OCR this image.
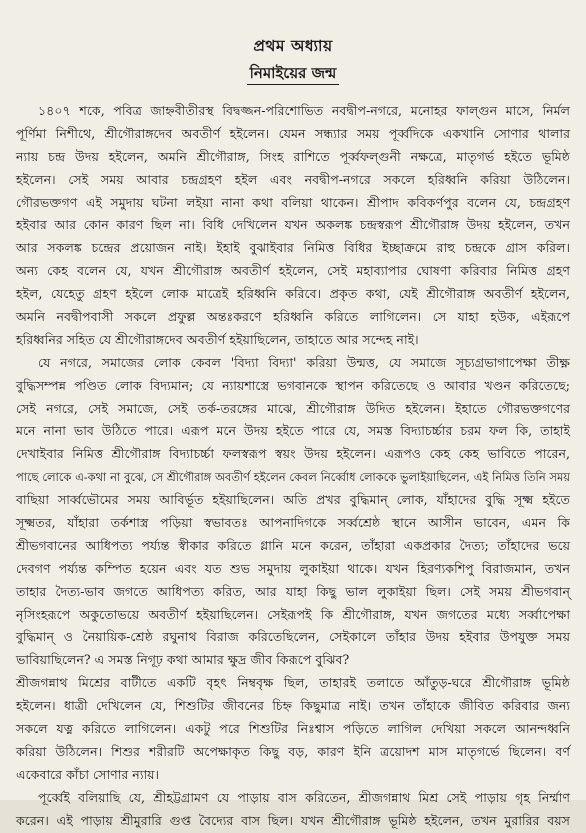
প্রথম অধ্যায়
নিমাইয়ের জন্ম
১৪০৭ শকে, পবিত্র জাহ্নবীতীরস্থ বিদ্বজ্জন-পরিশোভিত নবদ্বীপ-নগরে, মনোহর ফাল্গুন মাসে, নির্মল
পূর্ণিমা নিশীথে, শ্রীগৌরাঙ্গদেব অবতীর্ণ হইলেন। যেমন সন্ধ্যার সময় পূর্ব্বদিকে একখানি সোণার থালার
ন্যায় চন্দ্র উদয় হইলেন, অমনি শ্রীগৌরাঙ্গ, সিংহ রাশিতে পূর্ব্বফল্গুনী নক্ষত্রে, মাতৃগর্ভ হইতে ভূমিষ্ঠ
হইলেন। সেই সময় আবার চন্দ্রগ্রহণ হইল এবং নবদ্বীপ-নগরে সকলে হরিধ্বনি করিয়া উঠিলেন।
গৌরভক্তগণ এই সমুদায় ঘটনা লইয়া নানা কথা বলিয়া থাকেন। শ্রীপাদ কবিকর্ণপুর বলেন যে, চন্দ্রগ্রহণ
হইবার আর কোন কারণ ছিল না। বিধি দেখিলেন যখন অকলঙ্ক চন্দ্রস্বরূপ শ্রীগৌরাঙ্গ উদয় হইলেন, তখন
আর সকলঙ্ক চন্দ্রের প্রয়োজন নাই। ইহাই বুঝাইবার নিমিত্ত বিধির ইচ্ছাক্রমে রাহু চন্দ্রকে গ্রাস করিল।
অন্য কেহ বলেন যে, যখন শ্রীগৌরাঙ্গ অবতীর্ণ হইলেন, সেই মহাব্যাপার ঘোষণা করিবার নিমিত্ত গ্রহণ
হইল, যেহেতু গ্রহণ হইলে লোক মাত্রেই হরিধ্বনি করিবে। প্রকৃত কথা, যেই শ্রীগৌরাঙ্গ অবতীর্ণ হইলেন,
অমনি নবদ্বীপবাসী সকলে প্রফুল্ল অন্তঃকরণে হরিধ্বনি করিতে লাগিলেন। সে যাহা হউক, এইরূপে
হরিধ্বনির সহিত যে শ্রীগৌরাঙ্গদেব অবতীর্ণ হইয়াছিলেন, তাহাতে আর সন্দেহ নাই।
যে নগরে, সমাজের লোক কেবল 'বিদ্যা বিদ্যা' করিয়া উন্মত্ত, যে সমাজে সূচ্যগ্রভাগাপেক্ষা তীক্ষ্ণ
বুদ্ধিসম্পন্ন পণ্ডিত লোক বিদ্যমান; যে ন্যায়শাস্ত্রে ভগবানকে স্থাপন করিতেছে ও আবার খণ্ডন করিতেছে;
সেই নগরে, সেই সমাজে, সেই তর্ক-তরঙ্গের মাঝে, শ্রীগৌরাঙ্গ উদিত হইলেন। ইহাতে গৌরভক্তগণের
মনে নানা ভাব উঠিতে পারে। এরূপ মনে উদয় হইতে পারে যে, সমস্ত বিদ্যাচর্চ্চার চরম ফল কি, তাহাই
দেখাইবার নিমিত্ত শ্রীগৌরাঙ্গ বিদ্যাচর্চ্চা ফলস্বরূপ স্বয়ং উদয় হইলেন। এরূপও কেহ কেহ ভাবিতে পারেন,
পাছে লোকে এ-কথা না বুঝে, সে শ্রীগৌরাঙ্গ অবতীর্ণ হইলেন কেবল নির্ব্বোধ লোককে ভুলাইয়াছিলেন, এই নিমিত্ত তিনি সময়
বাছিয়া সার্ব্বভৌমের সময় আবির্ভূত হইয়াছিলেন। অতি প্রখর বুদ্ধিমান্ লোক, যাঁহাদের বুদ্ধি সূক্ষ্ম হইতে
সূক্ষ্মতর, যাঁহারা তর্কশাস্ত্র পড়িয়া স্বভাবতঃ আপনাদিগকে সর্ব্বশ্রেষ্ঠ স্থানে আসীন ভাবেন, এমন কি
শ্রীভগবানের আধিপত্য পর্য্যন্ত স্বীকার করিতে গ্লানি মনে করেন, তাঁহারা একপ্রকার দৈত্য; তাঁহাদের ভয়ে
দেবগণ পর্য্যন্ত কম্পিত হয়েন এবং যত শুভ সমুদায় লুকাইয়া থাকে। যখন হিরণ্যকশিপু বিরাজমান, তখন
তাহার দৈত্য-ভাব জগতে আধিপত্য করিত, আর যাহা কিছু ভাল লুকাইয়া ছিল। সেই সময় শ্রীভগবান্
নৃসিংহরূপে অকুতোভয়ে অবতীর্ণ হইয়াছিলেন। সেইরূপই কি শ্রীগৌরাঙ্গ, যখন জগতের মধ্যে সর্ব্বাপেক্ষা
বুদ্ধিমান্ ও নৈয়ায়িক-শ্রেষ্ঠ রঘুনাথ বিরাজ করিতেছিলেন, সেইকালে তাঁহার উদয় হইবার উপযুক্ত সময়
ভাবিয়াছিলেন? এ সমস্ত নিগূঢ় কথা আমার ক্ষুদ্র জীব কিরূপে বুঝিব?
শ্রীজগন্নাথ মিশ্রের বাটীতে একটি বৃহৎ নিম্ববৃক্ষ ছিল, তাহারই তলাতে আঁতুড়-ঘরে শ্রীগৌরাঙ্গ ভূমিষ্ঠ
হইলেন। ধাত্রী দেখিলেন যে, শিশুটির জীবনের চিহ্ন কিছুমাত্র নাই। তখন তাঁহাকে জীবিত করিবার জন্য
সকলে যত্ন করিতে লাগিলেন। একটু পরে শিশুটির নিঃশ্বাস পড়িতে লাগিল দেখিয়া সকলে আনন্দধ্বনি
করিয়া উঠিলেন। শিশুর শরীরটি অপেক্ষাকৃত কিছু বড়, কারণ ইনি ত্রয়োদশ মাস মাতৃগর্ভে ছিলেন। বর্ণ
একেবারে কাঁচা সোণার ন্যায়।
পূর্ব্বেই বলিয়াছি যে, শ্রীহট্টগ্রামণ যে পাড়ায় বাস করিতেন, শ্রীজগন্নাথ মিশ্র সেই পাড়ায় গৃহ নির্ম্মাণ
করেন। এই পাড়ায় শ্রীমুরারি গুপ্ত বৈদ্যের বাস ছিল। যখন শ্রীগৌরাঙ্গ ভূমিষ্ঠ হইলেন, তখন মুরারির বয়স
